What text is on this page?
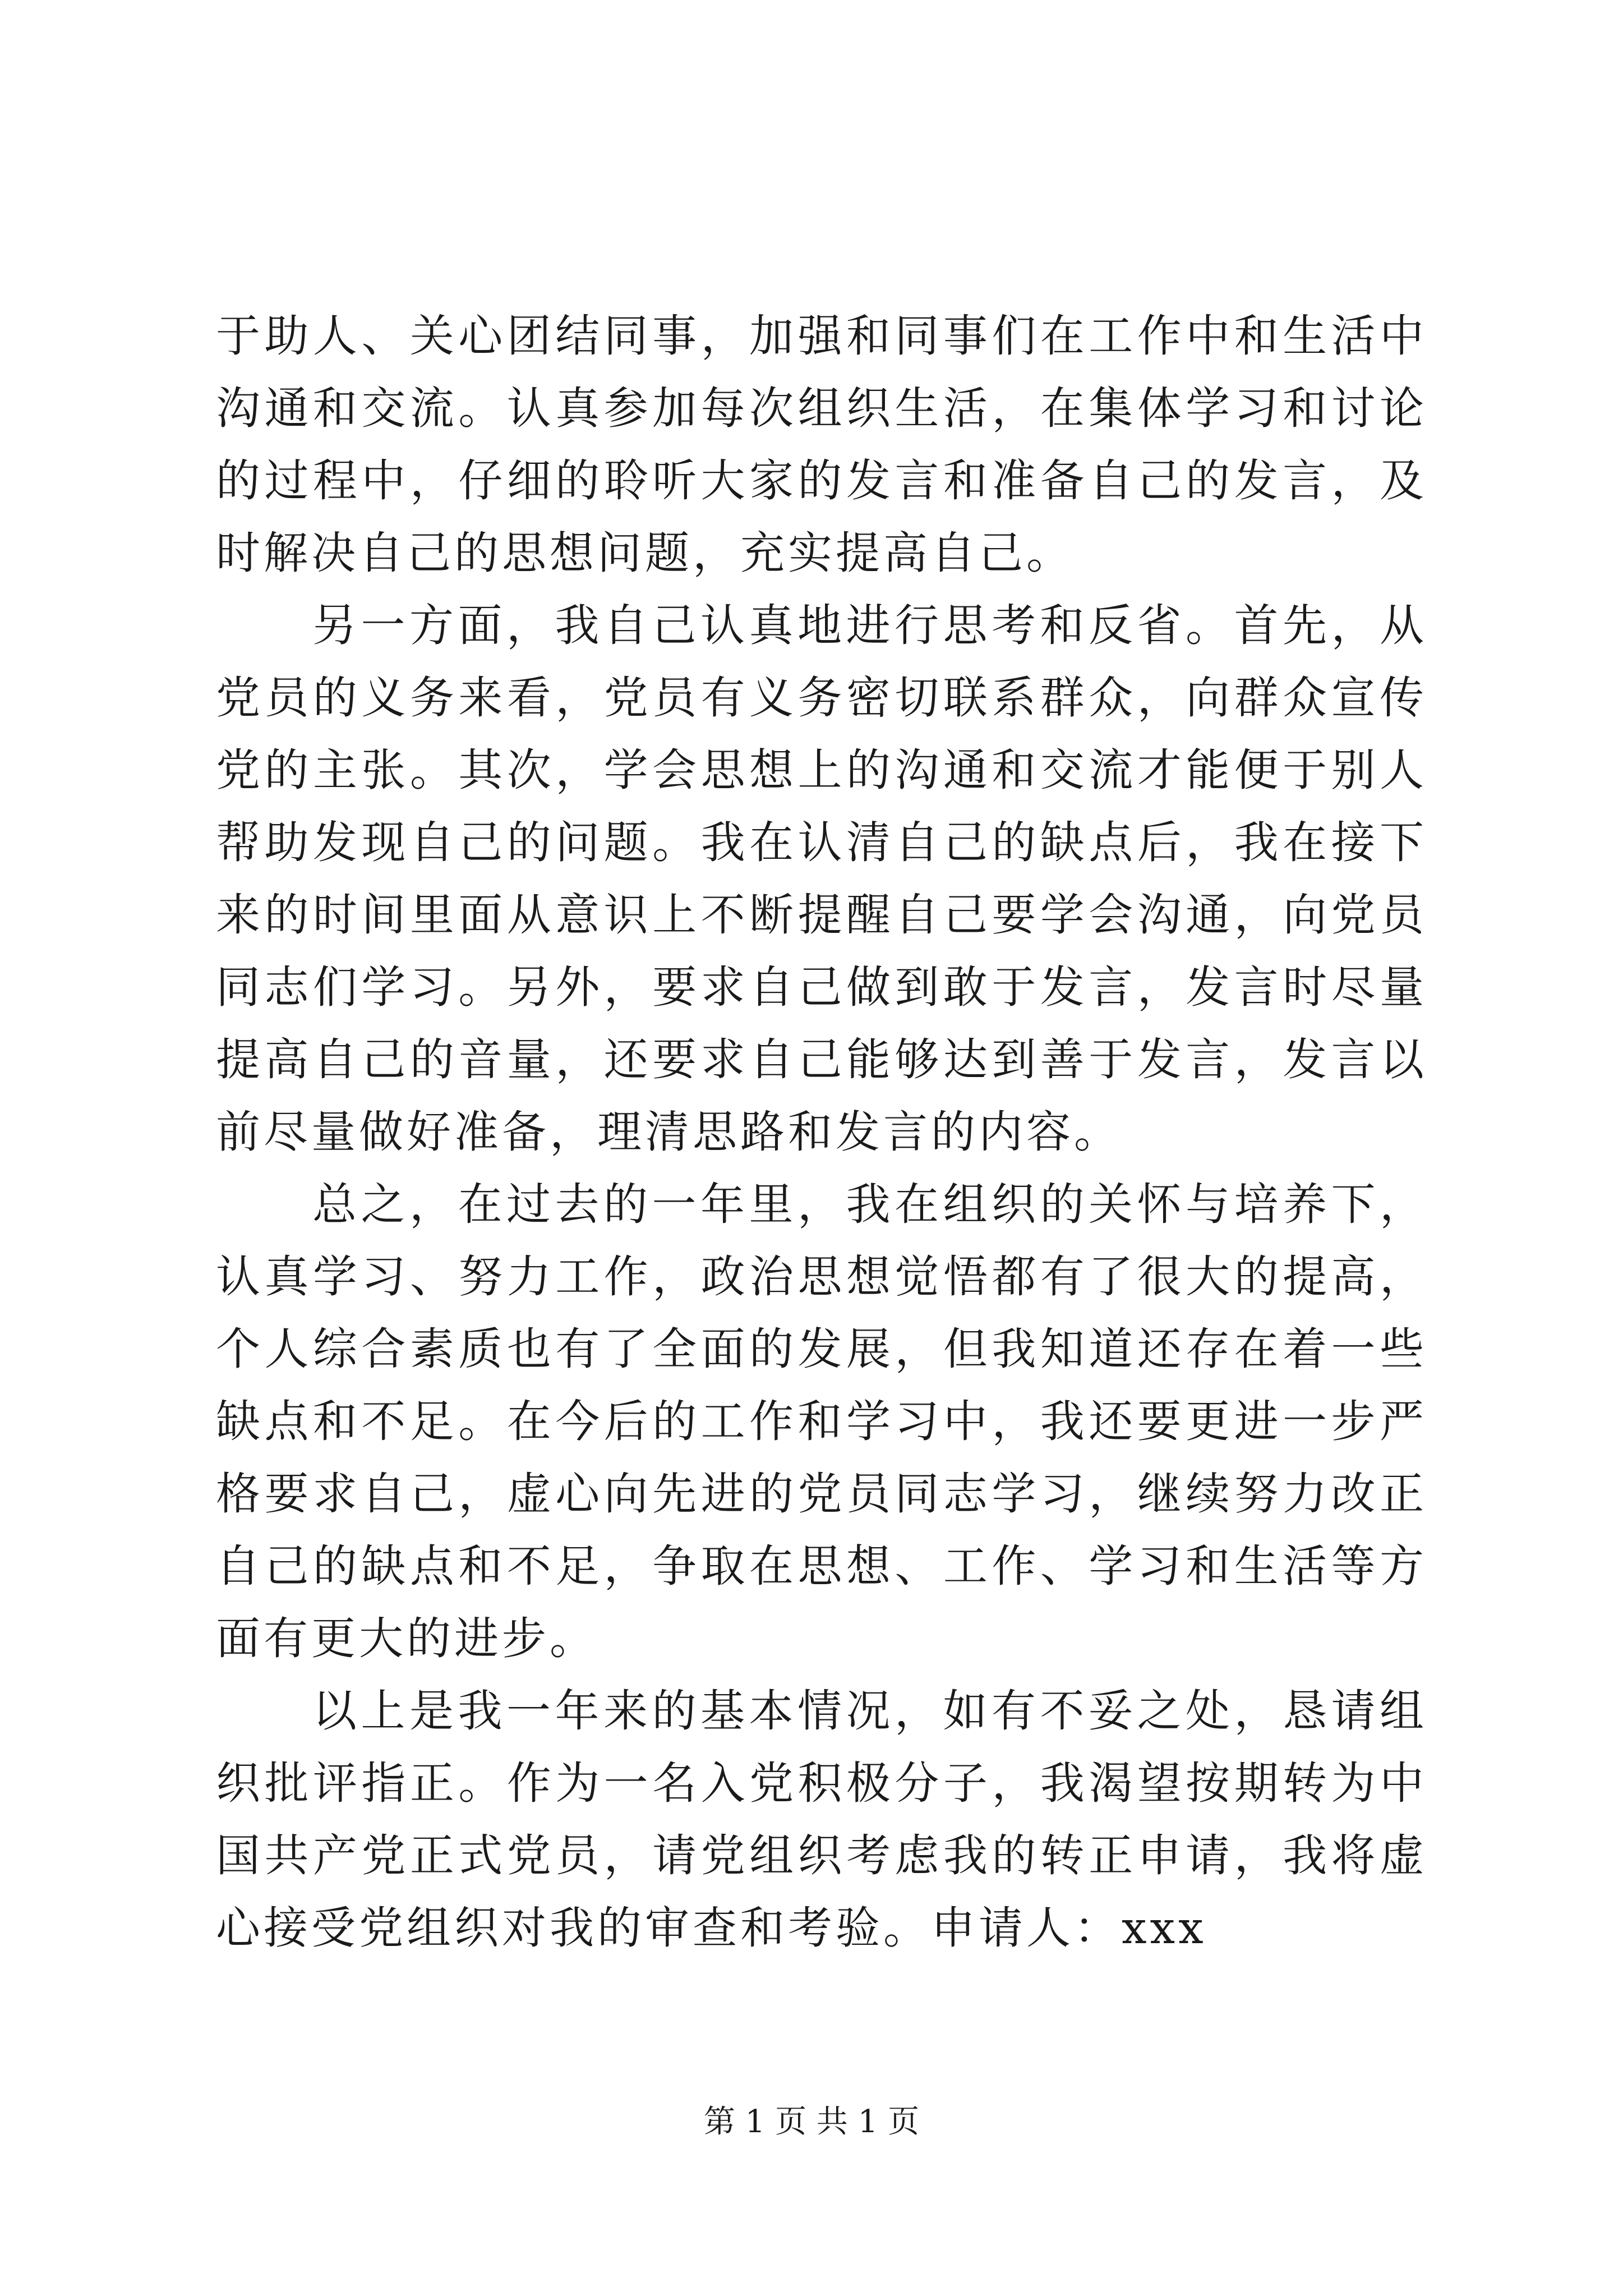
于助人、关心团结同事，加强和同事们在工作中和生活中沟通和交流。认真参加每次组织生活，在集体学习和讨论的过程中，仔细的聆听大家的发言和准备自己的发言，及时解决自己的思想问题，充实提高自己。

另一方面，我自己认真地进行思考和反省。首先，从党员的义务来看，党员有义务密切联系群众，向群众宣传党的主张。其次，学会思想上的沟通和交流才能便于别人帮助发现自己的问题。我在认清自己的缺点后，我在接下来的时间里面从意识上不断提醒自己要学会沟通，向党员同志们学习。另外，要求自己做到敢于发言，发言时尽量提高自己的音量，还要求自己能够达到善于发言，发言以前尽量做好准备，理清思路和发言的内容。

总之，在过去的一年里，我在组织的关怀与培养下，认真学习、努力工作，政治思想觉悟都有了很大的提高，个人综合素质也有了全面的发展，但我知道还存在着一些缺点和不足。在今后的工作和学习中，我还要更进一步严格要求自己，虚心向先进的党员同志学习，继续努力改正自己的缺点和不足，争取在思想、工作、学习和生活等方面有更大的进步。

以上是我一年来的基本情况，如有不妥之处，恳请组织批评指正。作为一名入党积极分子，我渴望按期转为中国共产党正式党员，请党组织考虑我的转正申请，我将虚心接受党组织对我的审查和考验。申请人：xxx

第 1 页 共 1 页
